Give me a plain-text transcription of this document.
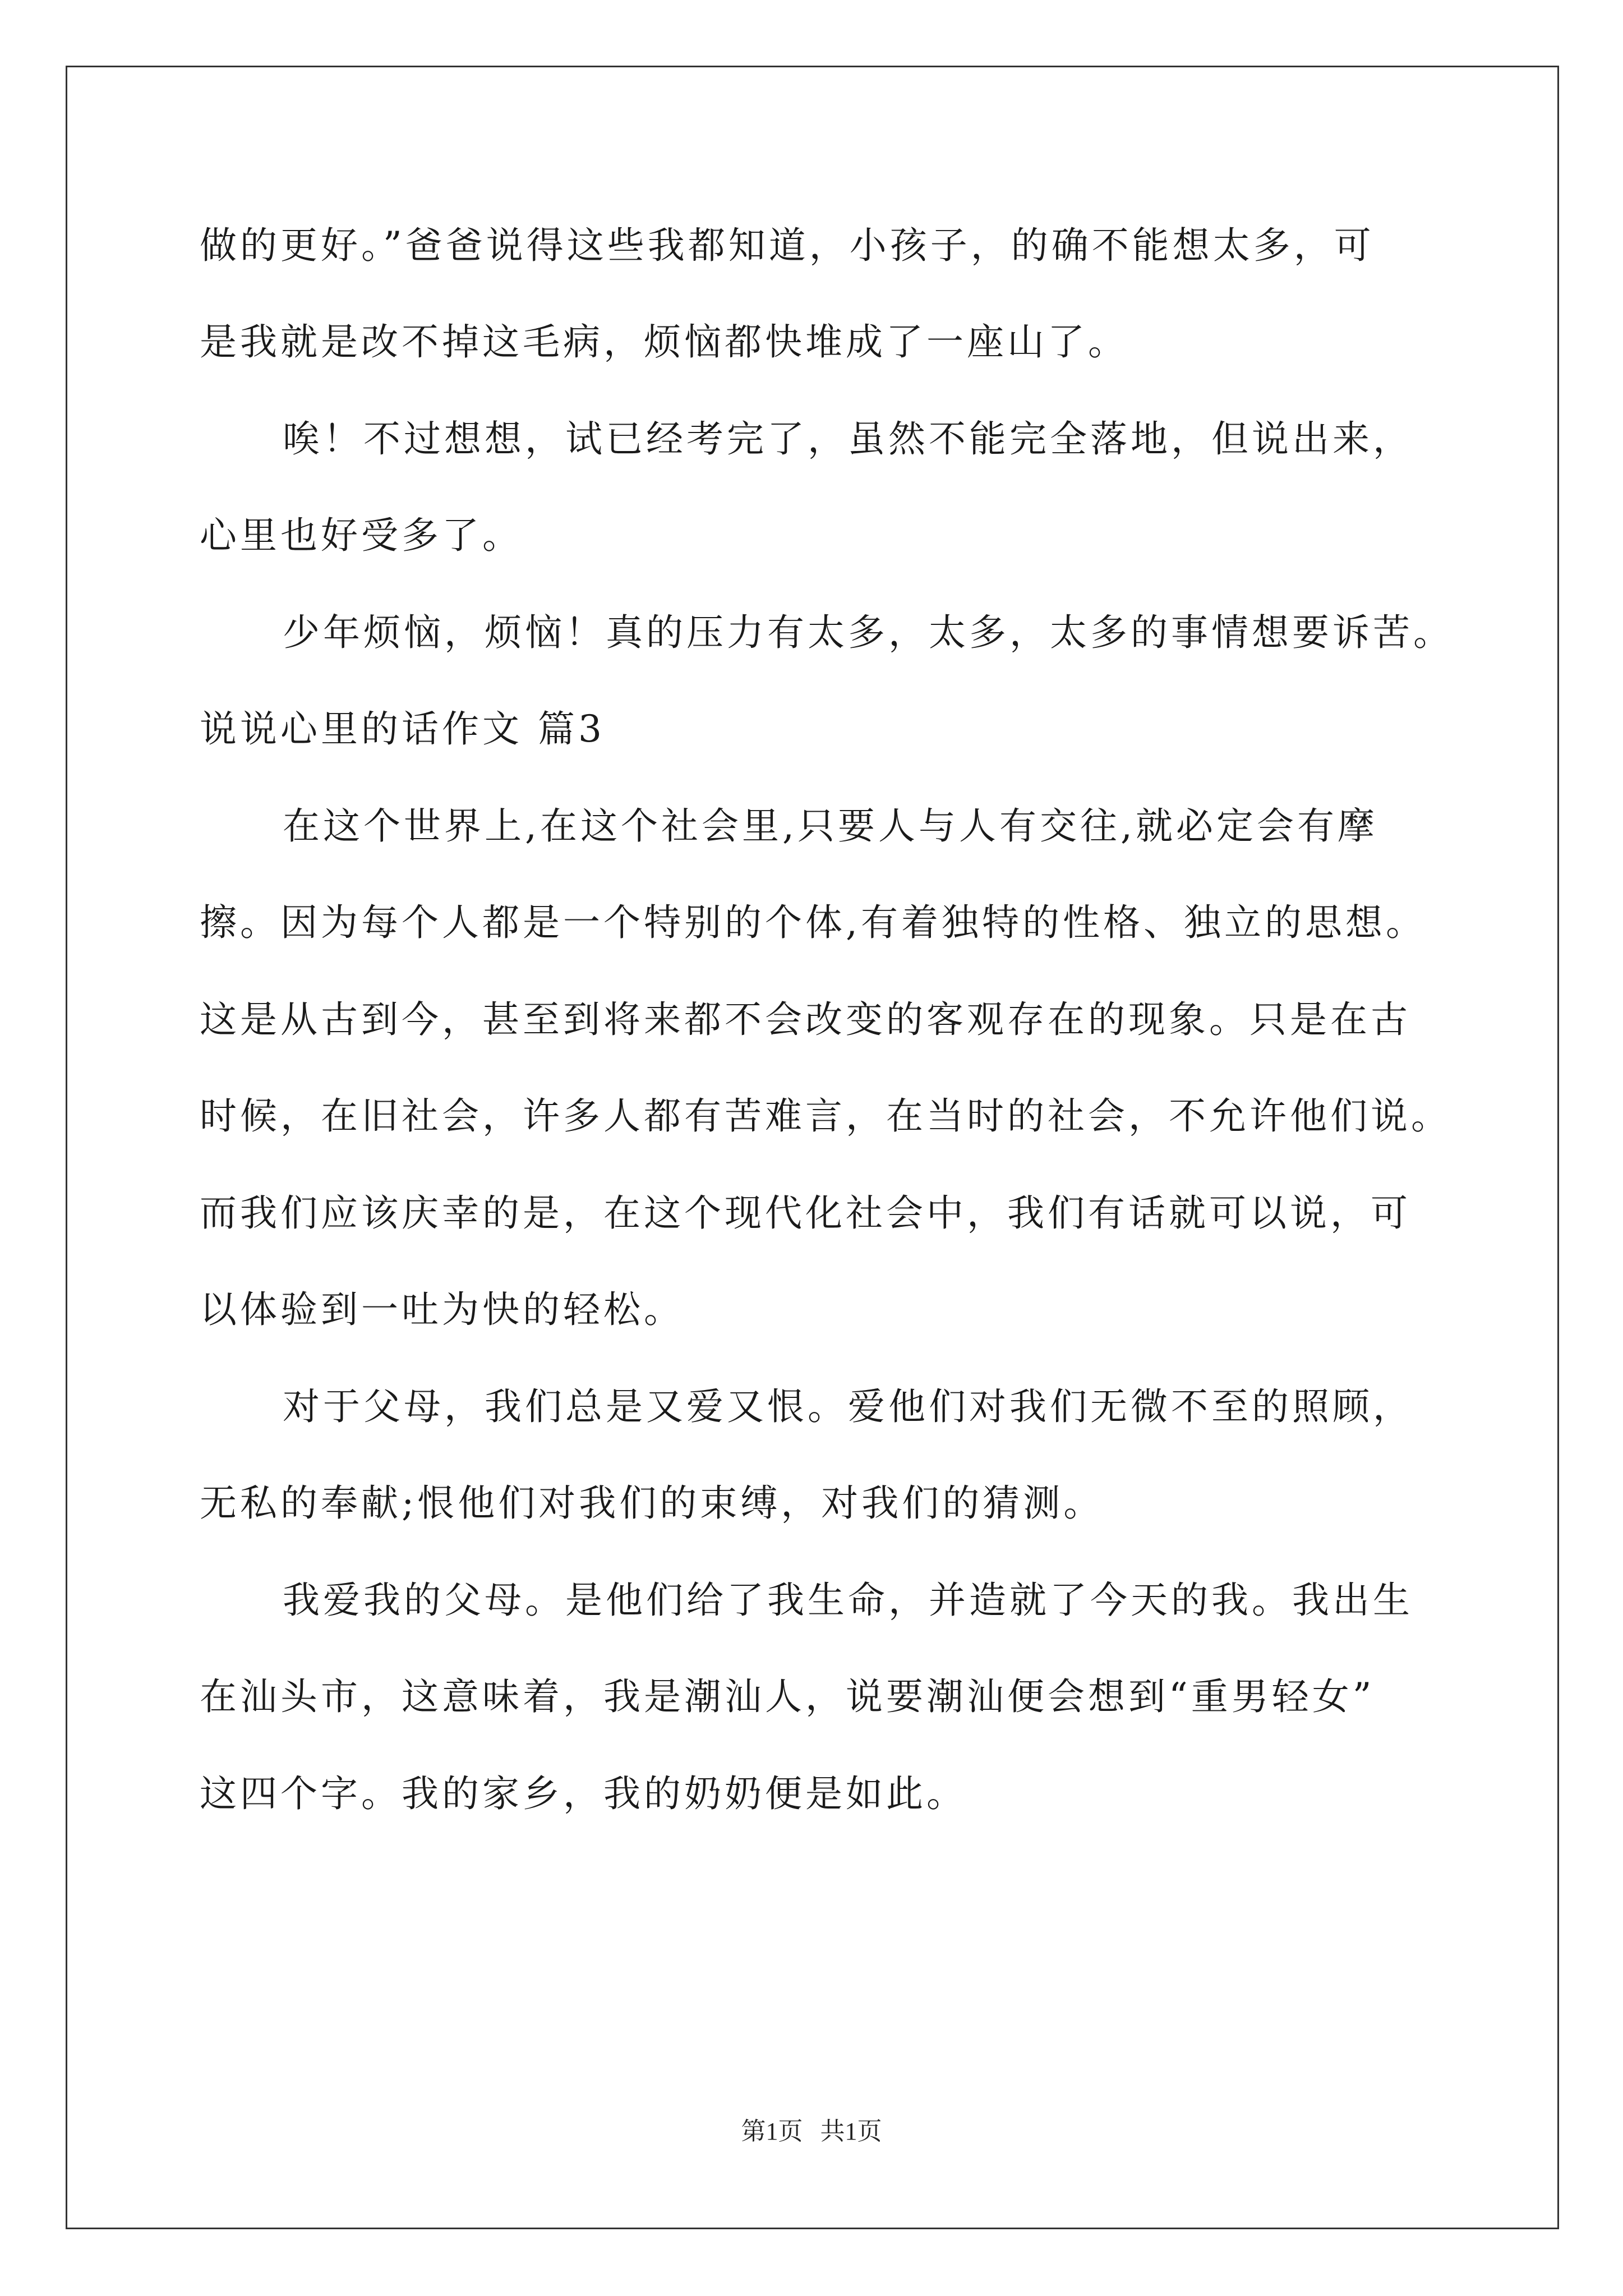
做的更好。”爸爸说得这些我都知道，小孩子，的确不能想太多，可
是我就是改不掉这毛病，烦恼都快堆成了一座山了。
唉！不过想想，试已经考完了，虽然不能完全落地，但说出来，
心里也好受多了。
少年烦恼，烦恼！真的压力有太多，太多，太多的事情想要诉苦。
说说心里的话作文 篇3
在这个世界上,在这个社会里,只要人与人有交往,就必定会有摩
擦。因为每个人都是一个特别的个体,有着独特的性格、独立的思想。
这是从古到今，甚至到将来都不会改变的客观存在的现象。只是在古
时候，在旧社会，许多人都有苦难言，在当时的社会，不允许他们说。
而我们应该庆幸的是，在这个现代化社会中，我们有话就可以说，可
以体验到一吐为快的轻松。
对于父母，我们总是又爱又恨。爱他们对我们无微不至的照顾，
无私的奉献;恨他们对我们的束缚，对我们的猜测。
我爱我的父母。是他们给了我生命，并造就了今天的我。我出生
在汕头市，这意味着，我是潮汕人，说要潮汕便会想到“重男轻女”
这四个字。我的家乡，我的奶奶便是如此。
第1页 共1页
